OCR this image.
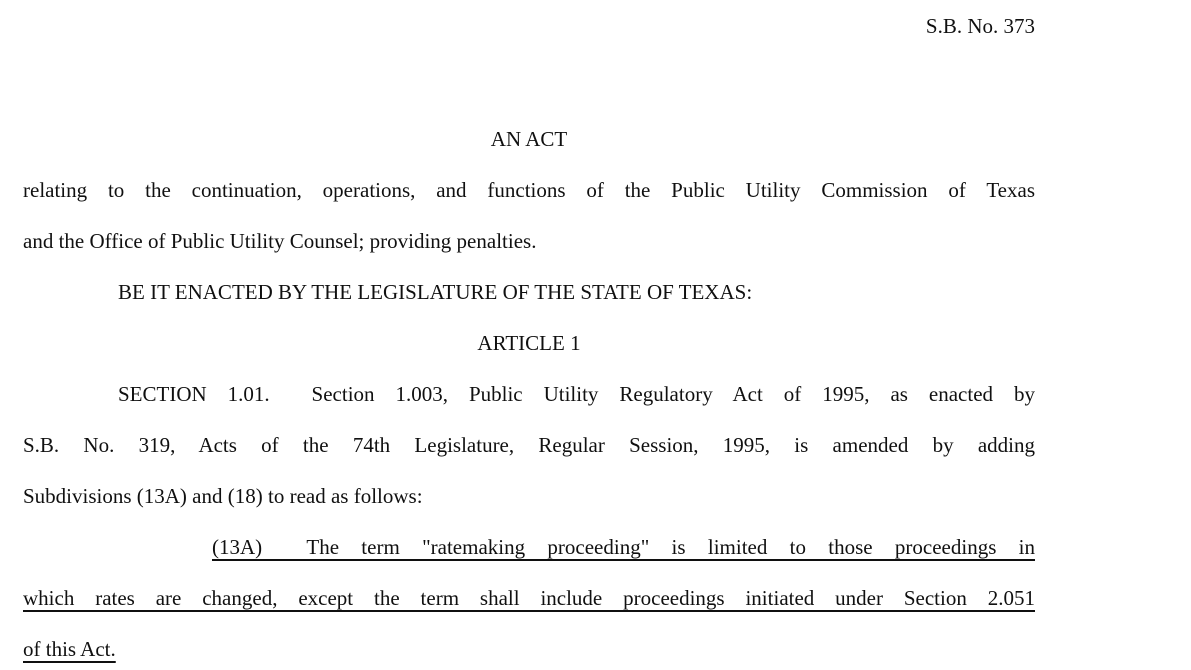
S.B. No. 373
AN ACT
relating to the continuation, operations, and functions of the Public Utility Commission of Texas
and the Office of Public Utility Counsel; providing penalties.
BE IT ENACTED BY THE LEGISLATURE OF THE STATE OF TEXAS:
ARTICLE 1
SECTION 1.01.  Section 1.003, Public Utility Regulatory Act of 1995, as enacted by
S.B. No. 319, Acts of the 74th Legislature, Regular Session, 1995, is amended by adding
Subdivisions (13A) and (18) to read as follows:
(13A)  The term "ratemaking proceeding" is limited to those proceedings in
which rates are changed, except the term shall include proceedings initiated under Section 2.051
of this Act.
